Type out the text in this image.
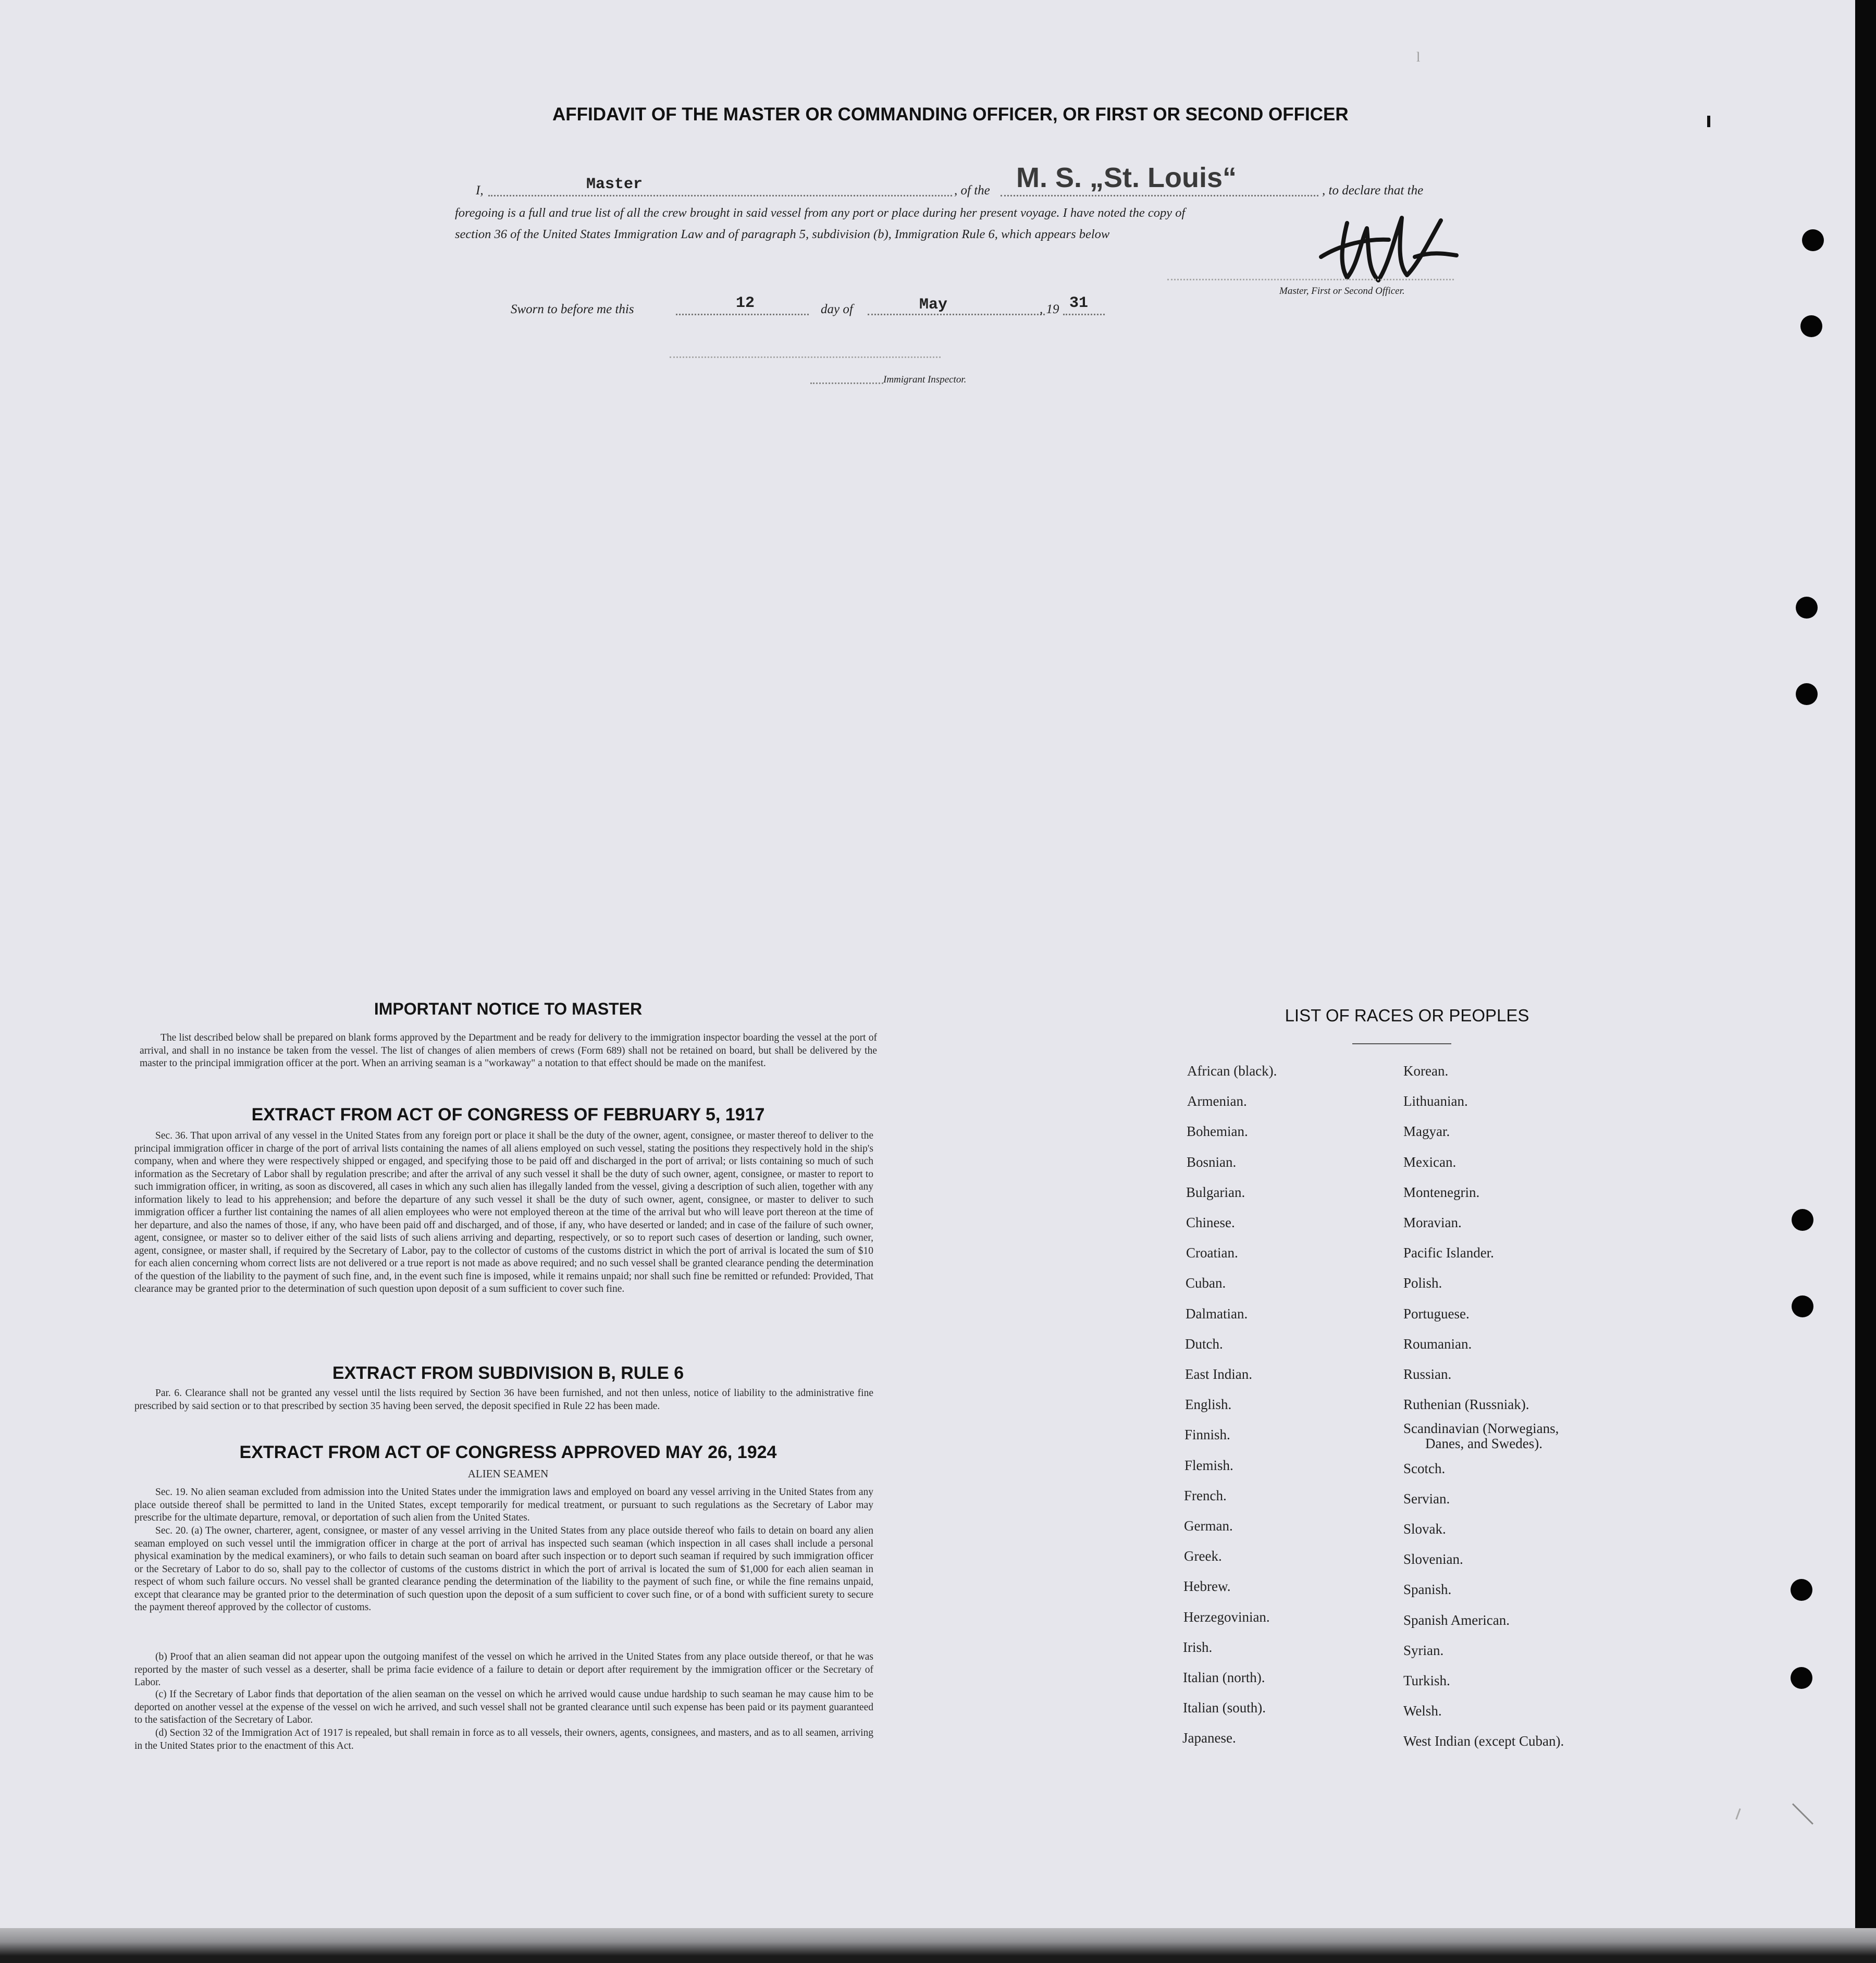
l
AFFIDAVIT OF THE MASTER OR COMMANDING OFFICER, OR FIRST OR SECOND OFFICER
I,	Master	, of the M. S. „St. Louis“	, to declare that the
foregoing is a full and true list of all the crew brought in said vessel from any port or place during her present voyage. I have noted the copy of
section 36 of the United States Immigration Law and of paragraph 5, subdivision (b), Immigration Rule 6, which appears below
Master, First or Second Officer.
Sworn to before me this	12	day of	May	, 19 31
Immigrant Inspector.
IMPORTANT NOTICE TO MASTER
The list described below shall be prepared on blank forms approved by the Department and be ready for delivery to the immigration inspector boarding the vessel at the port of arrival, and shall in no instance be taken from the vessel. The list of changes of alien members of crews (Form 689) shall not be retained on board, but shall be delivered by the master to the principal immigration officer at the port. When an arriving seaman is a "workaway" a notation to that effect should be made on the manifest.
EXTRACT FROM ACT OF CONGRESS OF FEBRUARY 5, 1917
Sec. 36. That upon arrival of any vessel in the United States from any foreign port or place it shall be the duty of the owner, agent, consignee, or master thereof to deliver to the principal immigration officer in charge of the port of arrival lists containing the names of all aliens employed on such vessel, stating the positions they respectively hold in the ship's company, when and where they were respectively shipped or engaged, and specifying those to be paid off and discharged in the port of arrival; or lists containing so much of such information as the Secretary of Labor shall by regulation prescribe; and after the arrival of any such vessel it shall be the duty of such owner, agent, consignee, or master to report to such immigration officer, in writing, as soon as discovered, all cases in which any such alien has illegally landed from the vessel, giving a description of such alien, together with any information likely to lead to his apprehension; and before the departure of any such vessel it shall be the duty of such owner, agent, consignee, or master to deliver to such immigration officer a further list containing the names of all alien employees who were not employed thereon at the time of the arrival but who will leave port thereon at the time of her departure, and also the names of those, if any, who have been paid off and discharged, and of those, if any, who have deserted or landed; and in case of the failure of such owner, agent, consignee, or master so to deliver either of the said lists of such aliens arriving and departing, respectively, or so to report such cases of desertion or landing, such owner, agent, consignee, or master shall, if required by the Secretary of Labor, pay to the collector of customs of the customs district in which the port of arrival is located the sum of $10 for each alien concerning whom correct lists are not delivered or a true report is not made as above required; and no such vessel shall be granted clearance pending the determination of the question of the liability to the payment of such fine, and, in the event such fine is imposed, while it remains unpaid; nor shall such fine be remitted or refunded: Provided, That clearance may be granted prior to the determination of such question upon deposit of a sum sufficient to cover such fine.
EXTRACT FROM SUBDIVISION B, RULE 6
Par. 6. Clearance shall not be granted any vessel until the lists required by Section 36 have been furnished, and not then unless, notice of liability to the administrative fine prescribed by said section or to that prescribed by section 35 having been served, the deposit specified in Rule 22 has been made.
EXTRACT FROM ACT OF CONGRESS APPROVED MAY 26, 1924
ALIEN SEAMEN
Sec. 19. No alien seaman excluded from admission into the United States under the immigration laws and employed on board any vessel arriving in the United States from any place outside thereof shall be permitted to land in the United States, except temporarily for medical treatment, or pursuant to such regulations as the Secretary of Labor may prescribe for the ultimate departure, removal, or deportation of such alien from the United States.
Sec. 20. (a) The owner, charterer, agent, consignee, or master of any vessel arriving in the United States from any place outside thereof who fails to detain on board any alien seaman employed on such vessel until the immigration officer in charge at the port of arrival has inspected such seaman (which inspection in all cases shall include a personal physical examination by the medical examiners), or who fails to detain such seaman on board after such inspection or to deport such seaman if required by such immigration officer or the Secretary of Labor to do so, shall pay to the collector of customs of the customs district in which the port of arrival is located the sum of $1,000 for each alien seaman in respect of whom such failure occurs. No vessel shall be granted clearance pending the determination of the liability to the payment of such fine, or while the fine remains unpaid, except that clearance may be granted prior to the determination of such question upon the deposit of a sum sufficient to cover such fine, or of a bond with sufficient surety to secure the payment thereof approved by the collector of customs.
(b) Proof that an alien seaman did not appear upon the outgoing manifest of the vessel on which he arrived in the United States from any place outside thereof, or that he was reported by the master of such vessel as a deserter, shall be prima facie evidence of a failure to detain or deport after requirement by the immigration officer or the Secretary of Labor.
(c) If the Secretary of Labor finds that deportation of the alien seaman on the vessel on which he arrived would cause undue hardship to such seaman he may cause him to be deported on another vessel at the expense of the vessel on wich he arrived, and such vessel shall not be granted clearance until such expense has been paid or its payment guaranteed to the satisfaction of the Secretary of Labor.
(d) Section 32 of the Immigration Act of 1917 is repealed, but shall remain in force as to all vessels, their owners, agents, consignees, and masters, and as to all seamen, arriving in the United States prior to the enactment of this Act.
LIST OF RACES OR PEOPLES
African (black).
Armenian.
Bohemian.
Bosnian.
Bulgarian.
Chinese.
Croatian.
Cuban.
Dalmatian.
Dutch.
East Indian.
English.
Finnish.
Flemish.
French.
German.
Greek.
Hebrew.
Herzegovinian.
Irish.
Italian (north).
Italian (south).
Japanese.
Korean.
Lithuanian.
Magyar.
Mexican.
Montenegrin.
Moravian.
Pacific Islander.
Polish.
Portuguese.
Roumanian.
Russian.
Ruthenian (Russniak).
Scandinavian (Norwegians,
Danes, and Swedes).
Scotch.
Servian.
Slovak.
Slovenian.
Spanish.
Spanish American.
Syrian.
Turkish.
Welsh.
West Indian (except Cuban).
